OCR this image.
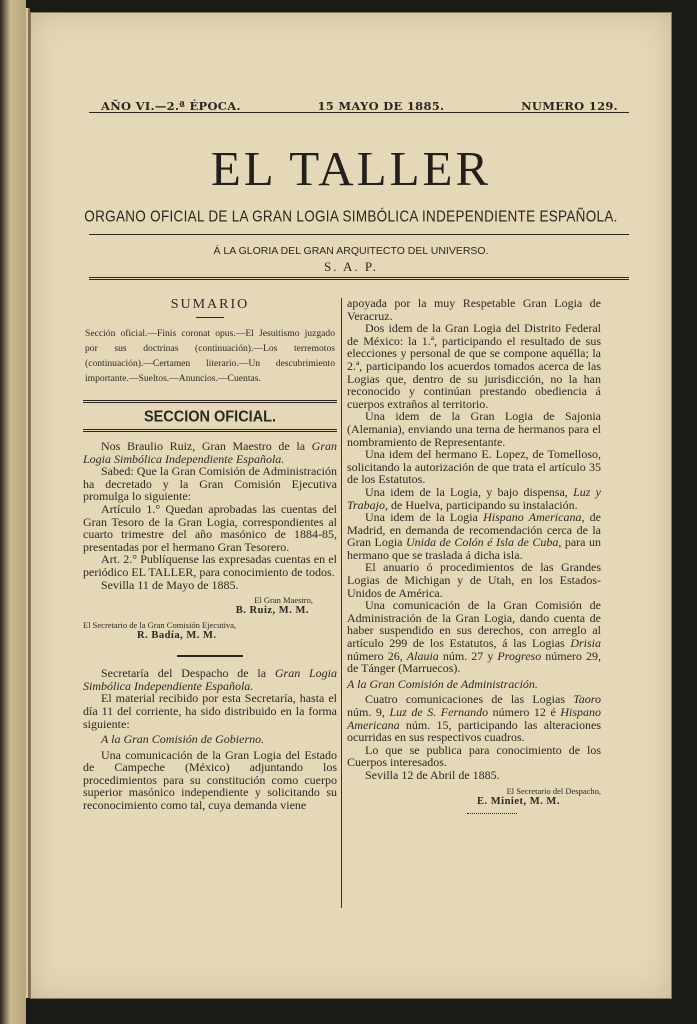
AÑO VI.—2.ª ÉPOCA.	15 MAYO DE 1885.	NUMERO 129.
EL TALLER
ORGANO OFICIAL DE LA GRAN LOGIA SIMBÓLICA INDEPENDIENTE ESPAÑOLA.
Á LA GLORIA DEL GRAN ARQUITECTO DEL UNIVERSO.
S. A. P.
SUMARIO
Sección oficial.—Finis coronat opus.—El Jesuitismo juzgado por sus doctrinas (continuación).—Los terremotos (continuación).—Certamen literario.—Un descubrimiento importante.—Sueltos.—Anuncios.—Cuentas.
SECCION OFICIAL.

Nos Braulio Ruiz, Gran Maestro de la Gran Logia Simbólica Independiente Española.

Sabed: Que la Gran Comisión de Administración ha decretado y la Gran Comisión Ejecutiva promulga lo siguiente:

Artículo 1.° Quedan aprobadas las cuentas del Gran Tesoro de la Gran Logia, correspondientes al cuarto trimestre del año masónico de 1884-85, presentadas por el hermano Gran Tesorero.

Art. 2.° Publíquense las expresadas cuentas en el periódico EL TALLER, para conocimiento de todos.

Sevilla 11 de Mayo de 1885.

El Gran Maestro,
B. Ruiz, M. M.
El Secretario de la Gran Comisión Ejecutiva,
R. Badía, M. M.

Secretaría del Despacho de la Gran Logia Simbólica Independiente Española.

El material recibido por esta Secretaría, hasta el día 11 del corriente, ha sido distribuido en la forma siguiente:

A la Gran Comisión de Gobierno.

Una comunicación de la Gran Logia del Estado de Campeche (México) adjuntando los procedimientos para su constitución como cuerpo superior masónico independiente y solicitando su reconocimiento como tal, cuya demanda viene

apoyada por la muy Respetable Gran Logia de Veracruz.

Dos idem de la Gran Logia del Distrito Federal de México: la 1.ª, participando el resultado de sus elecciones y personal de que se compone aquélla; la 2.ª, participando los acuerdos tomados acerca de las Logias que, dentro de su jurisdicción, no la han reconocido y continúan prestando obediencia á cuerpos extraños al territorio.

Una idem de la Gran Logia de Sajonia (Alemania), enviando una terna de hermanos para el nombramiento de Representante.

Una idem del hermano E. Lopez, de Tomelloso, solicitando la autorización de que trata el artículo 35 de los Estatutos.

Una idem de la Logia, y bajo dispensa, Luz y Trabajo, de Huelva, participando su instalación.

Una idem de la Logia Hispano Americana, de Madrid, en demanda de recomendación cerca de la Gran Logia Unida de Colón é Isla de Cuba, para un hermano que se traslada á dicha isla.

El anuario ó procedimientos de las Grandes Logias de Michigan y de Utah, en los Estados-Unidos de América.

Una comunicación de la Gran Comisión de Administración de la Gran Logia, dando cuenta de haber suspendido en sus derechos, con arreglo al artículo 299 de los Estatutos, á las Logias Drisia número 26, Alauia núm. 27 y Progreso número 29, de Tánger (Marruecos).

A la Gran Comisión de Administración.

Cuatro comunicaciones de las Logias Taoro núm. 9, Luz de S. Fernando número 12 é Hispano Americana núm. 15, participando las alteraciones ocurridas en sus respectivos cuadros.

Lo que se publica para conocimiento de los Cuerpos interesados.

Sevilla 12 de Abril de 1885.

El Secretario del Despacho,
E. Miniet, M. M.
